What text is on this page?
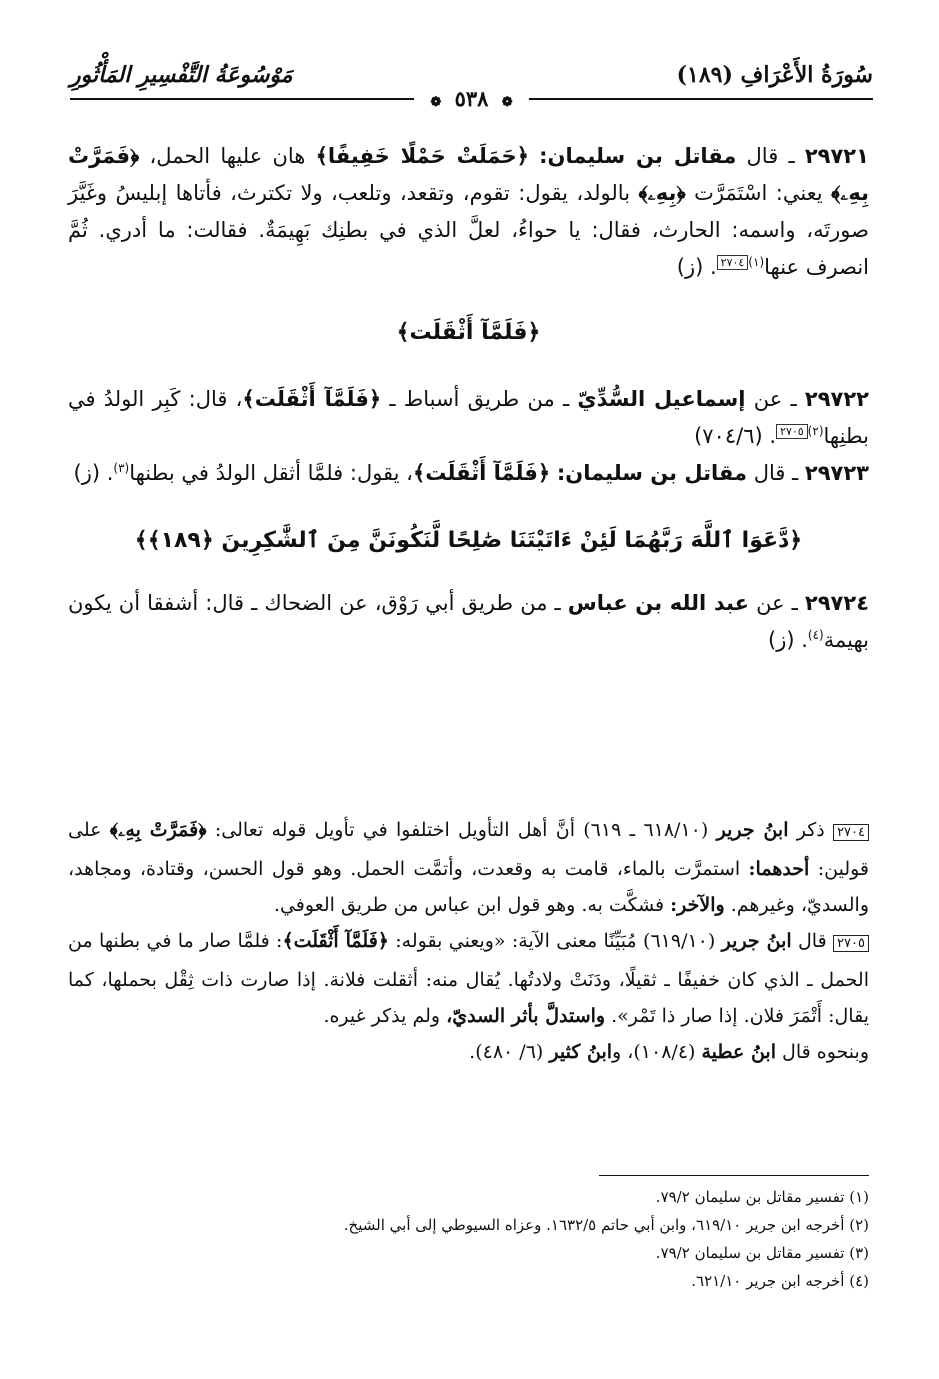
مَوْسُوعَةُ التَّفْسِيرِ المَأْثُورِ	سُورَةُ الأَعْرَافِ (١٨٩)
❁ ٥٣٨ ❁

٢٩٧٢١ ـ قال مقاتل بن سليمان: ﴿حَمَلَتْ حَمْلًا خَفِيفًا﴾ هان عليها الحمل، ﴿فَمَرَّتْ بِهِۦ﴾ يعني: اسْتَمَرَّت ﴿بِهِۦ﴾ بالولد، يقول: تقوم، وتقعد، وتلعب، ولا تكترث، فأتاها إبليسُ وغَيَّرَ صورتَه، واسمه: الحارث، فقال: يا حواءُ، لعلَّ الذي في بطنِك بَهِيمَةٌ. فقالت: ما أدري. ثُمَّ انصرف عنها$^{(١)٢٧٠٤}$. (ز)

﴿فَلَمَّآ أَثْقَلَت﴾

٢٩٧٢٢ ـ عن إسماعيل السُّدِّيّ ـ من طريق أسباط ـ ﴿فَلَمَّآ أَثْقَلَت﴾، قال: كَبِر الولدُ في بطنِها$^{(٢)٢٧٠٥}$. (٧٠٤/٦)

٢٩٧٢٣ ـ قال مقاتل بن سليمان: ﴿فَلَمَّآ أَثْقَلَت﴾، يقول: فلمَّا أثقل الولدُ في بطنها$^{(٣)}$. (ز)

﴿دَّعَوَا ٱللَّهَ رَبَّهُمَا لَئِنْ ءَاتَيْتَنَا صَٰلِحًا لَّنَكُونَنَّ مِنَ ٱلشَّٰكِرِينَ ﴿١٨٩﴾﴾

٢٩٧٢٤ ـ عن عبد الله بن عباس ـ من طريق أبي رَوْق، عن الضحاك ـ قال: أشفقا أن يكون بهيمة$^{(٤)}$. (ز)

٢٧٠٤ ذكر ابنُ جرير (٦١٨/١٠ ـ ٦١٩) أنَّ أهل التأويل اختلفوا في تأويل قوله تعالى: ﴿فَمَرَّتْ بِهِۦ﴾ على قولين: أحدهما: استمرَّت بالماء، قامت به وقعدت، وأتمَّت الحمل. وهو قول الحسن، وقتادة، ومجاهد، والسديّ، وغيرهم. والآخر: فشكَّت به. وهو قول ابن عباس من طريق العوفي.
٢٧٠٥ قال ابنُ جرير (٦١٩/١٠) مُبَيِّنًا معنى الآية: «ويعني بقوله: ﴿فَلَمَّآ أَثْقَلَت﴾: فلمَّا صار ما في بطنها من الحمل ـ الذي كان خفيفًا ـ ثقيلًا، ودَنَتْ ولادتُها. يُقال منه: أثقلت فلانة. إذا صارت ذات ثِقْل بحملها، كما يقال: أَتْمَرَ فلان. إذا صار ذا تَمْر». واستدلَّ بأثر السديّ، ولم يذكر غيره.
وبنحوه قال ابنُ عطية (١٠٨/٤)، وابنُ كثير (٦/ ٤٨٠).
(١) تفسير مقاتل بن سليمان ٧٩/٢.
(٢) أخرجه ابن جرير ٦١٩/١٠، وابن أبي حاتم ١٦٣٢/٥. وعزاه السيوطي إلى أبي الشيخ.
(٣) تفسير مقاتل بن سليمان ٧٩/٢.
(٤) أخرجه ابن جرير ٦٢١/١٠.
